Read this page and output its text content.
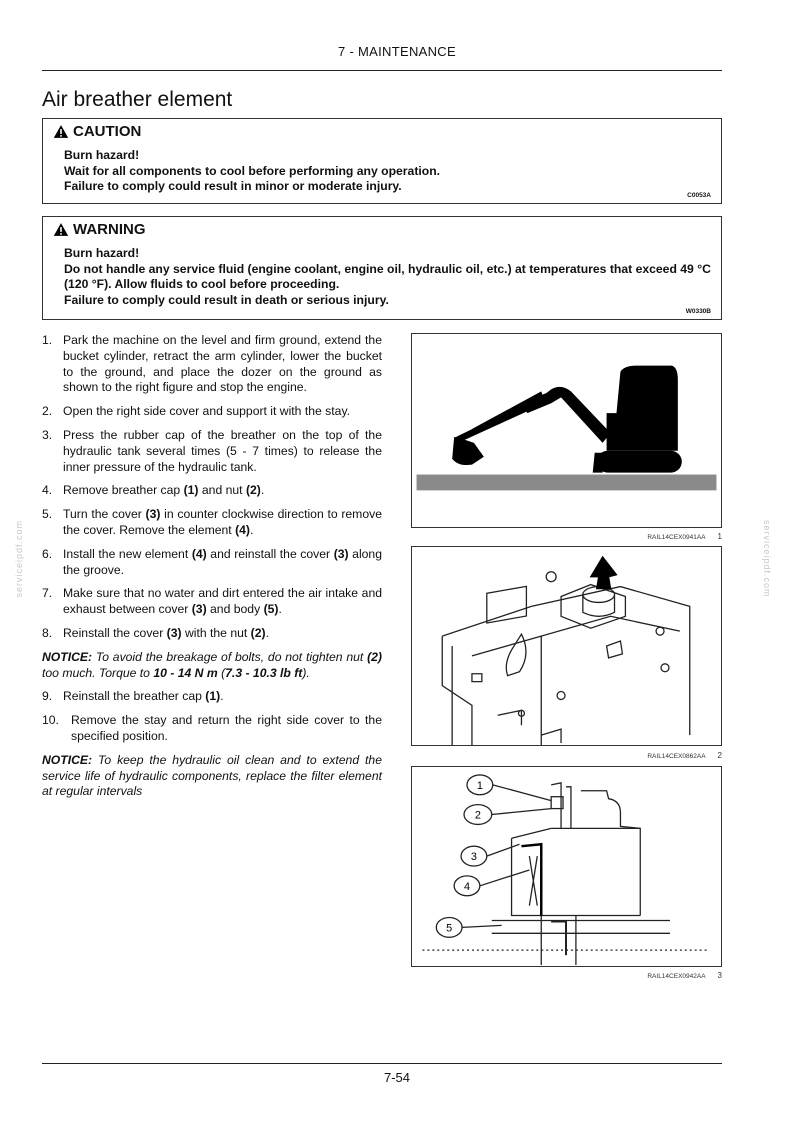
7 - MAINTENANCE
Air breather element
CAUTION
Burn hazard!
Wait for all components to cool before performing any operation.
Failure to comply could result in minor or moderate injury.
C0053A
WARNING
Burn hazard!
Do not handle any service fluid (engine coolant, engine oil, hydraulic oil, etc.) at temperatures that exceed 49 °C (120 °F). Allow fluids to cool before proceeding.
Failure to comply could result in death or serious injury.
W0330B
1. Park the machine on the level and firm ground, extend the bucket cylinder, retract the arm cylinder, lower the bucket to the ground, and place the dozer on the ground as shown to the right figure and stop the engine.
2. Open the right side cover and support it with the stay.
3. Press the rubber cap of the breather on the top of the hydraulic tank several times (5 - 7 times) to release the inner pressure of the hydraulic tank.
4. Remove breather cap (1) and nut (2).
5. Turn the cover (3) in counter clockwise direction to remove the cover. Remove the element (4).
6. Install the new element (4) and reinstall the cover (3) along the groove.
7. Make sure that no water and dirt entered the air intake and exhaust between cover (3) and body (5).
8. Reinstall the cover (3) with the nut (2).
NOTICE: To avoid the breakage of bolts, do not tighten nut (2) too much. Torque to 10 - 14 N m (7.3 - 10.3 lb ft).
9. Reinstall the breather cap (1).
10. Remove the stay and return the right side cover to the specified position.
NOTICE: To keep the hydraulic oil clean and to extend the service life of hydraulic components, replace the filter element at regular intervals
RAIL14CEX0941AA 1
RAIL14CEX0862AA 2
1
2
3
4
5
RAIL14CEX0942AA 3
serviceipdf.com	serviceipdf.com
7-54
